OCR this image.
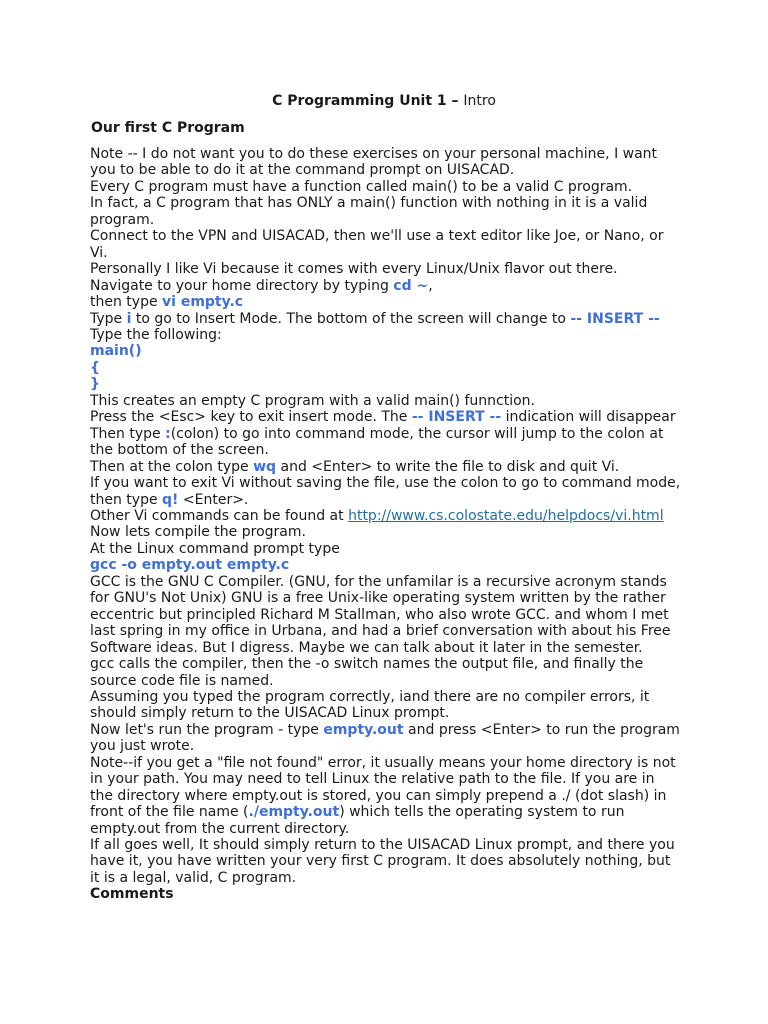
C Programming Unit 1 – Intro
Our first C Program

Note -- I do not want you to do these exercises on your personal machine, I want

you to be able to do it at the command prompt on UISACAD.

Every C program must have a function called main() to be a valid C program.

In fact, a C program that has ONLY a main() function with nothing in it is a valid

program.

Connect to the VPN and UISACAD, then we'll use a text editor like Joe, or Nano, or

Vi.

Personally I like Vi because it comes with every Linux/Unix flavor out there.

Navigate to your home directory by typing cd ~,

then type vi empty.c

Type i to go to Insert Mode. The bottom of the screen will change to -- INSERT --

Type the following:

main()

{

}

This creates an empty C program with a valid main() funnction.

Press the <Esc> key to exit insert mode. The -- INSERT -- indication will disappear

Then type :(colon) to go into command mode, the cursor will jump to the colon at

the bottom of the screen.

Then at the colon type wq and <Enter> to write the file to disk and quit Vi.

If you want to exit Vi without saving the file, use the colon to go to command mode,

then type q! <Enter>.

Other Vi commands can be found at http://www.cs.colostate.edu/helpdocs/vi.html

Now lets compile the program.

At the Linux command prompt type

gcc -o empty.out empty.c

GCC is the GNU C Compiler. (GNU, for the unfamilar is a recursive acronym stands

for GNU's Not Unix) GNU is a free Unix-like operating system written by the rather

eccentric but principled Richard M Stallman, who also wrote GCC. and whom I met

last spring in my office in Urbana, and had a brief conversation with about his Free

Software ideas. But I digress. Maybe we can talk about it later in the semester.

gcc calls the compiler, then the -o switch names the output file, and finally the

source code file is named.

Assuming you typed the program correctly, iand there are no compiler errors, it

should simply return to the UISACAD Linux prompt.

Now let's run the program - type empty.out and press <Enter> to run the program

you just wrote.

Note--if you get a "file not found" error, it usually means your home directory is not

in your path. You may need to tell Linux the relative path to the file. If you are in

the directory where empty.out is stored, you can simply prepend a ./ (dot slash) in

front of the file name (./empty.out) which tells the operating system to run

empty.out from the current directory.

If all goes well, It should simply return to the UISACAD Linux prompt, and there you

have it, you have written your very first C program. It does absolutely nothing, but

it is a legal, valid, C program.

Comments
